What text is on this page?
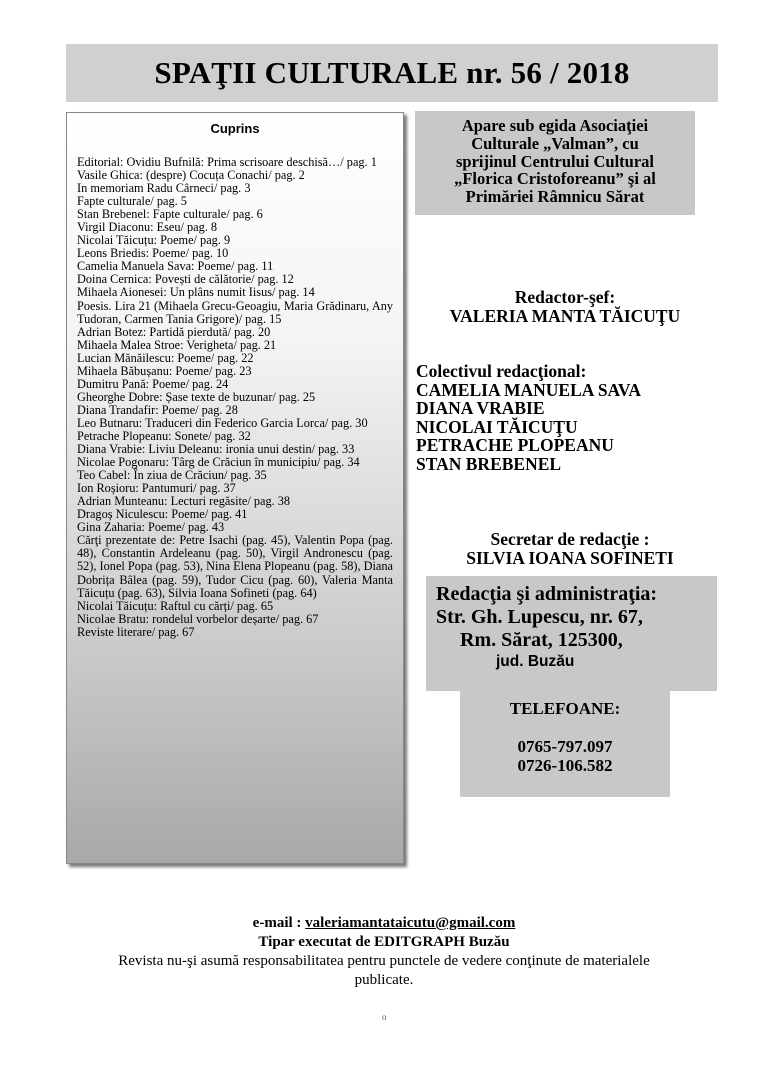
SPAŢII CULTURALE nr. 56 / 2018
Cuprins
Editorial: Ovidiu Bufnilă: Prima scrisoare deschisă…/ pag. 1
Vasile Ghica: (despre) Cocuța Conachi/ pag. 2
In memoriam Radu Cârneci/ pag. 3
Fapte culturale/ pag. 5
Stan Brebenel: Fapte culturale/ pag. 6
Virgil Diaconu: Eseu/ pag. 8
Nicolai Tăicuțu: Poeme/ pag. 9
Leons Briedis: Poeme/ pag. 10
Camelia Manuela Sava: Poeme/ pag. 11
Doina Cernica: Povești de călătorie/ pag. 12
Mihaela Aionesei: Un plâns numit Iisus/ pag. 14
Poesis. Lira 21 (Mihaela Grecu-Geoagiu, Maria Grădinaru, Any Tudoran, Carmen Tania Grigore)/ pag. 15
Adrian Botez: Partidă pierdută/ pag. 20
Mihaela Malea Stroe: Verigheta/ pag. 21
Lucian Mănăilescu: Poeme/ pag. 22
Mihaela Băbușanu: Poeme/ pag. 23
Dumitru Pană: Poeme/ pag. 24
Gheorghe Dobre: Șase texte de buzunar/ pag. 25
Diana Trandafir: Poeme/ pag. 28
Leo Butnaru: Traduceri din Federico Garcia Lorca/ pag. 30
Petrache Plopeanu: Sonete/ pag. 32
Diana Vrabie: Liviu Deleanu: ironia unui destin/ pag. 33
Nicolae Pogonaru: Târg de Crăciun în municipiu/ pag. 34
Teo Cabel: În ziua de Crăciun/ pag. 35
Ion Roșioru: Pantumuri/ pag. 37
Adrian Munteanu: Lecturi regăsite/ pag. 38
Dragoș Niculescu: Poeme/ pag. 41
Gina Zaharia: Poeme/ pag. 43
Cărţi prezentate de: Petre Isachi (pag. 45), Valentin Popa (pag. 48), Constantin Ardeleanu (pag. 50), Virgil Andronescu (pag. 52), Ionel Popa (pag. 53), Nina Elena Plopeanu (pag. 58), Diana Dobrița Bâlea (pag. 59), Tudor Cicu (pag. 60), Valeria Manta Tăicuțu (pag. 63), Silvia Ioana Sofineti (pag. 64)
Nicolai Tăicuțu: Raftul cu cărți/ pag. 65
Nicolae Bratu: rondelul vorbelor deșarte/ pag. 67
Reviste literare/ pag. 67
Apare sub egida Asociaţiei
Culturale „Valman”, cu
sprijinul Centrului Cultural
„Florica Cristoforeanu” şi al
Primăriei Râmnicu Sărat
Redactor-şef:
VALERIA MANTA TĂICUŢU
Colectivul redacţional:
CAMELIA MANUELA SAVA
DIANA VRABIE
NICOLAI TĂICUŢU
PETRACHE PLOPEANU
STAN BREBENEL
Secretar de redacţie :
SILVIA IOANA SOFINETI
Redacţia şi administraţia:
Str. Gh. Lupescu, nr. 67,
Rm. Sărat, 125300,
jud. Buzău
TELEFOANE:
0765-797.097
0726-106.582
e-mail : valeriamantataicutu@gmail.com
Tipar executat de EDITGRAPH Buzău
Revista nu-şi asumă responsabilitatea pentru punctele de vedere conţinute de materialele publicate.
o
